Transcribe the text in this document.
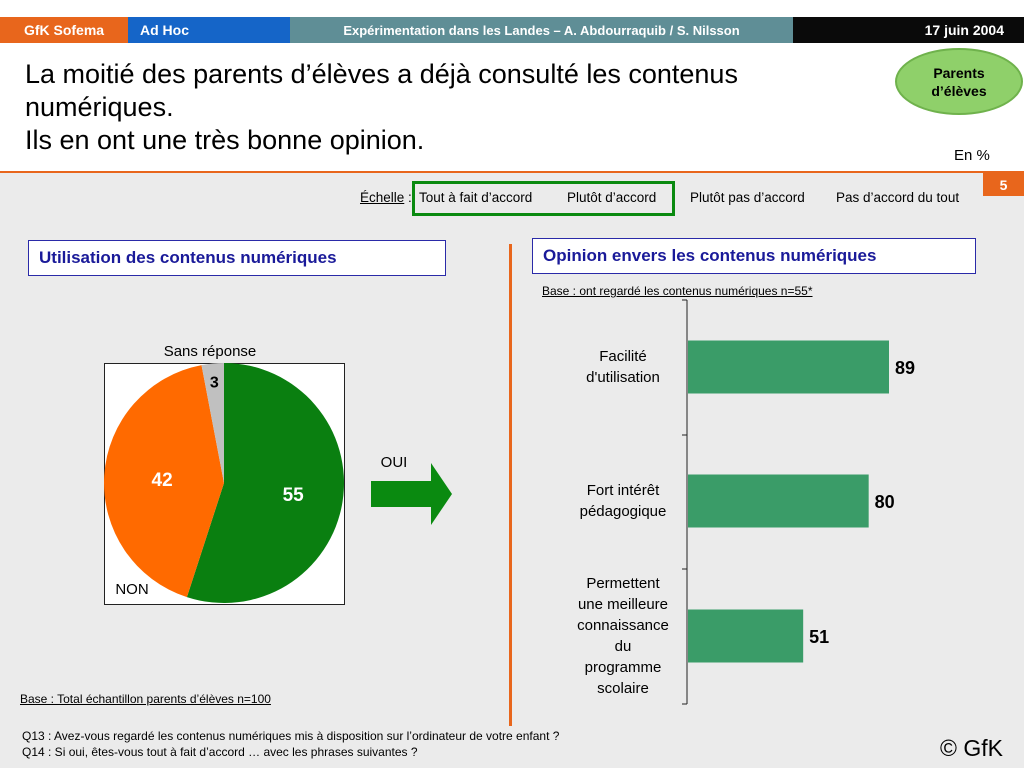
GfK Sofema	Ad Hoc	Expérimentation dans les Landes – A. Abdourraquib / S. Nilsson	17 juin 2004
La moitié des parents d’élèves a déjà consulté les contenus
numériques.
Ils en ont une très bonne opinion.
Parents
d’élèves
En %
5
Échelle : Tout à fait d’accord	Plutôt d’accord Plutôt pas d’accord Pas d’accord du tout
Utilisation des contenus numériques	Opinion envers les contenus numériques
Base : ont regardé les contenus numériques n=55*
Base : Total échantillon parents d’élèves n=100
55
42
3
OUI
NON
Sans réponse
89
80
51
Facilité
d'utilisation
Fort intérêt
pédagogique
Permettent
une meilleure
connaissance
du
programme
scolaire
Q13 : Avez-vous regardé les contenus numériques mis à disposition sur l’ordinateur de votre enfant ?
Q14 : Si oui, êtes-vous tout à fait d’accord … avec les phrases suivantes ?	© GfK
